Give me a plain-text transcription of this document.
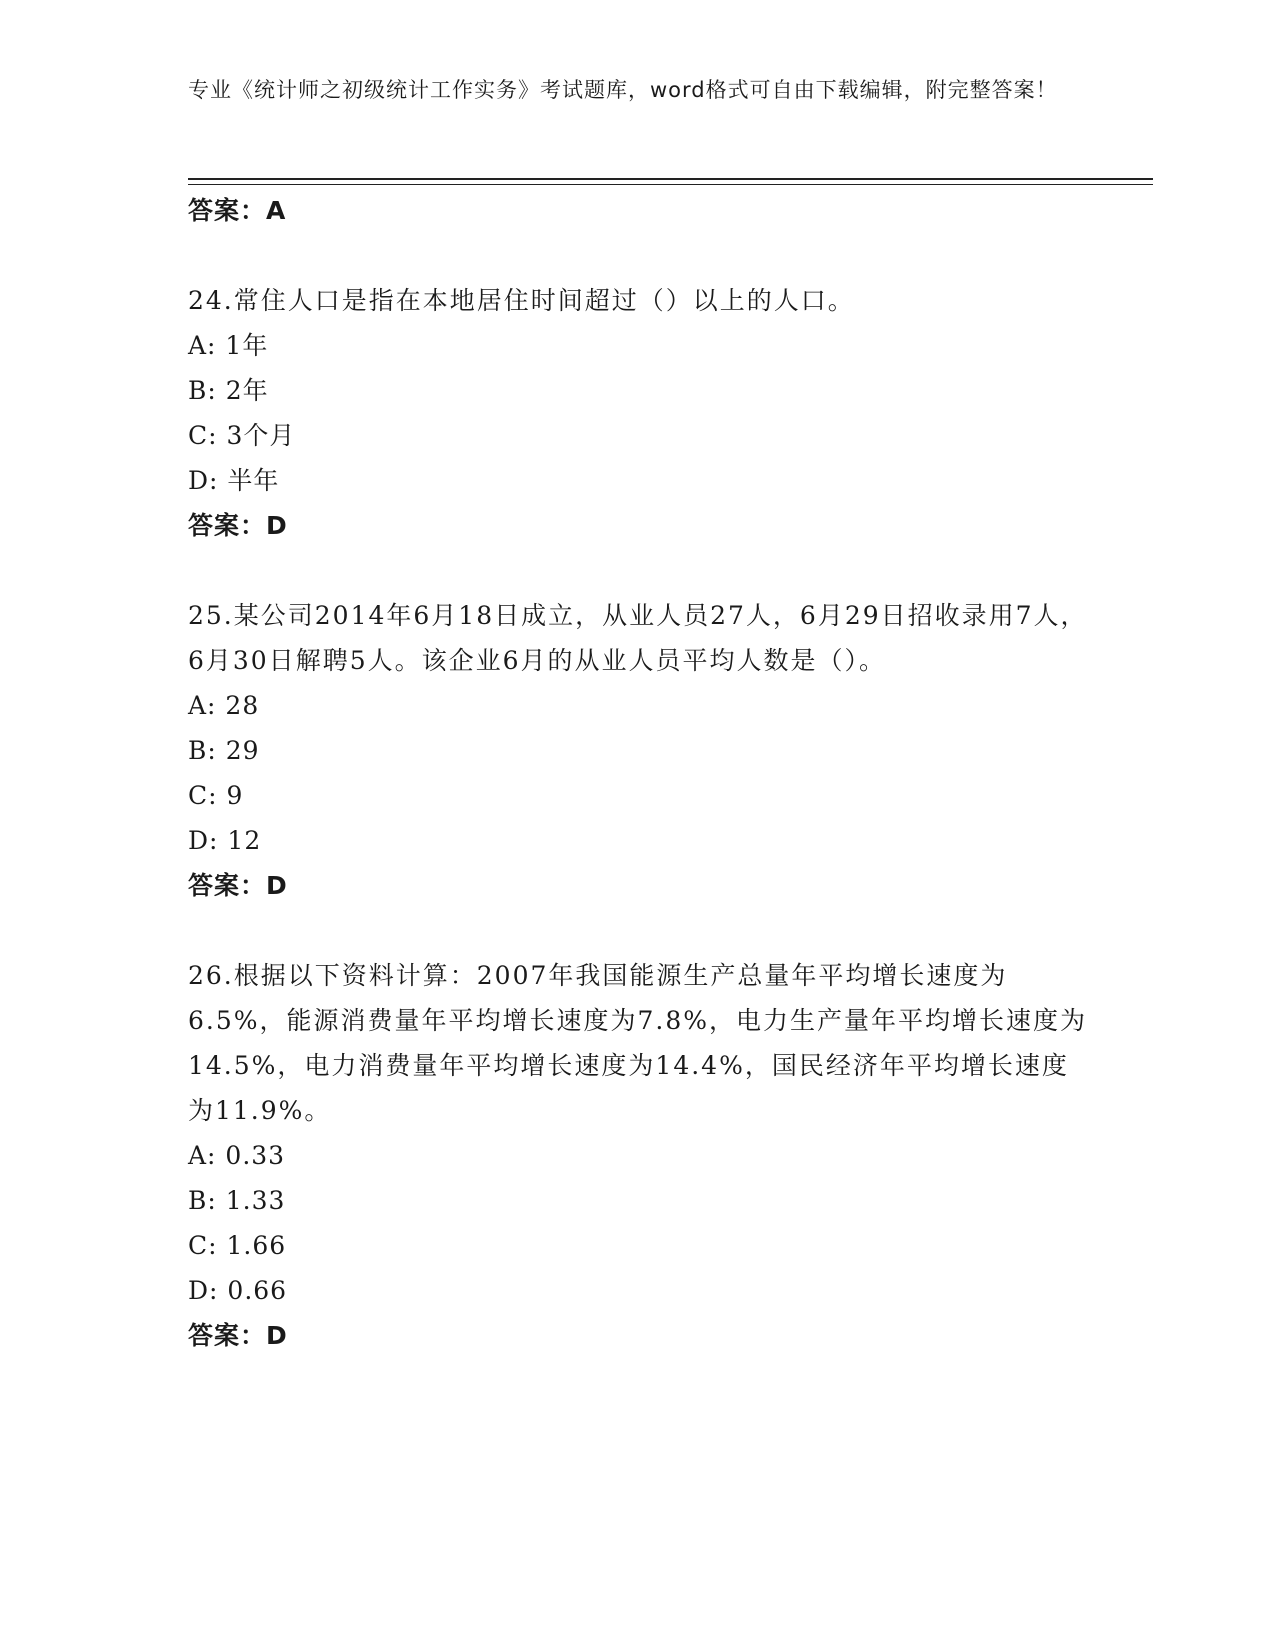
专业《统计师之初级统计工作实务》考试题库，word格式可自由下载编辑，附完整答案！
答案：A
24.常住人口是指在本地居住时间超过（）以上的人口。
A: 1年
B: 2年
C: 3个月
D: 半年
答案：D
25.某公司2014年6月18日成立，从业人员27人，6月29日招收录用7人，6月30日解聘5人。该企业6月的从业人员平均人数是（）。
A: 28
B: 29
C: 9
D: 12
答案：D
26.根据以下资料计算：2007年我国能源生产总量年平均增长速度为6.5%，能源消费量年平均增长速度为7.8%，电力生产量年平均增长速度为14.5%，电力消费量年平均增长速度为14.4%，国民经济年平均增长速度为11.9%。
A: 0.33
B: 1.33
C: 1.66
D: 0.66
答案：D
